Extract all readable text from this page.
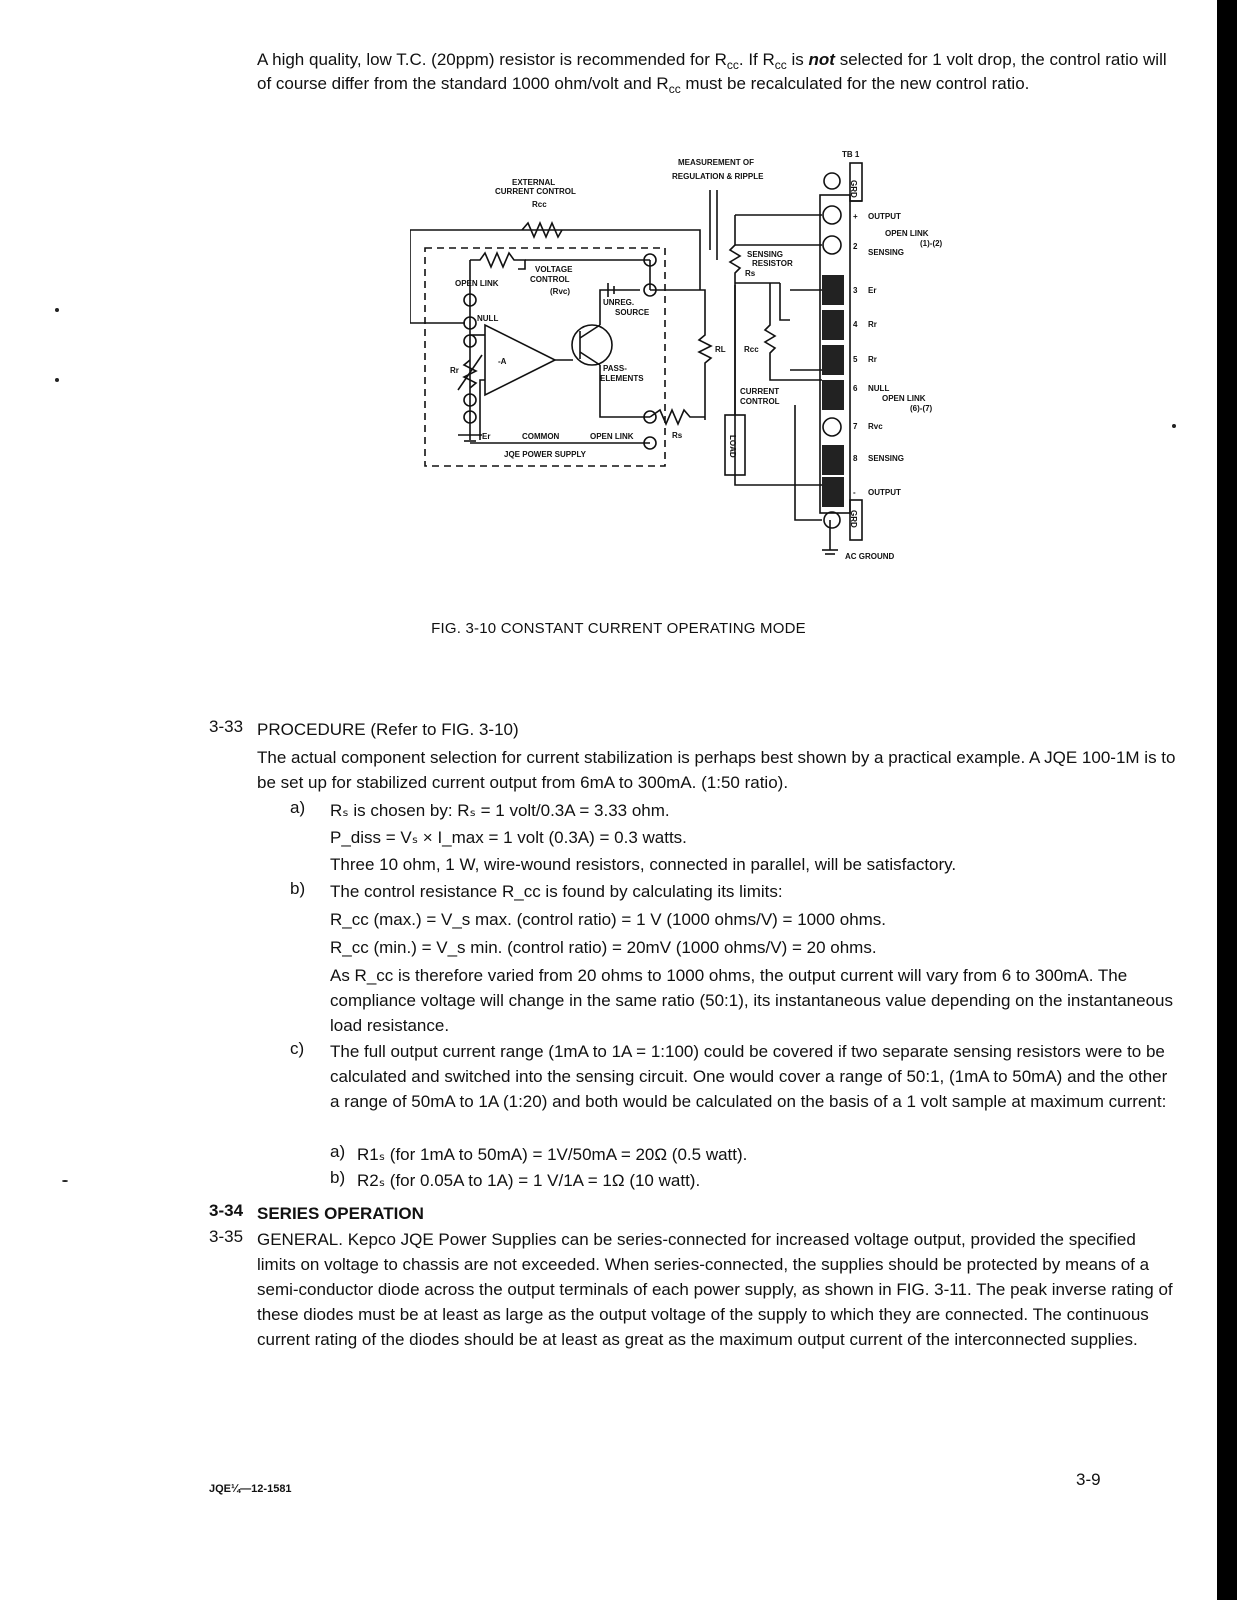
A high quality, low T.C. (20ppm) resistor is recommended for $R_{cc}$. If $R_{cc}$ is not selected for 1 volt drop, the control ratio will of course differ from the standard 1000 ohm/volt and $R_{cc}$ must be recalculated for the new control ratio.
EXTERNAL
CURRENT CONTROL
Rcc
MEASUREMENT OF
REGULATION & RIPPLE
TB 1
OUTPUT
OPEN LINK
(1)-(2)
SENSING
VOLTAGE
CONTROL
(Rvc)
OPEN LINK
NULL
-A
UNREG.
SOURCE
PASS-
ELEMENTS
Rr
Er	COMMON	OPEN LINK	Rs
JQE POWER SUPPLY
SENSING
RESISTOR
Rs
RL Rcc
CURRENT
CONTROL
LOAD
Er
Rr
Rr
NULL
OPEN LINK
(6)-(7)
Rvc
SENSING
OUTPUT
AC GROUND
GRD
GRD
+
2
3
4
5
6
7
8
-
FIG. 3-10 CONSTANT CURRENT OPERATING MODE
3-33 PROCEDURE (Refer to FIG. 3-10)
The actual component selection for current stabilization is perhaps best shown by a practical example. A JQE 100-1M is to be set up for stabilized current output from 6mA to 300mA. (1:50 ratio).
a) Rₛ is chosen by: Rₛ = 1 volt/0.3A = 3.33 ohm.
P_diss = Vₛ × I_max = 1 volt (0.3A) = 0.3 watts.
Three 10 ohm, 1 W, wire-wound resistors, connected in parallel, will be satisfactory.
b) The control resistance R_cc is found by calculating its limits:
R_cc (max.) = V_s max. (control ratio) = 1 V (1000 ohms/V) = 1000 ohms.
R_cc (min.) = V_s min. (control ratio) = 20mV (1000 ohms/V) = 20 ohms.
As R_cc is therefore varied from 20 ohms to 1000 ohms, the output current will vary from 6 to 300mA. The compliance voltage will change in the same ratio (50:1), its instantaneous value depending on the instantaneous load resistance.
c) The full output current range (1mA to 1A = 1:100) could be covered if two separate sensing resistors were to be calculated and switched into the sensing circuit. One would cover a range of 50:1, (1mA to 50mA) and the other a range of 50mA to 1A (1:20) and both would be calculated on the basis of a 1 volt sample at maximum current:
a) R1ₛ (for 1mA to 50mA) = 1V/50mA = 20Ω (0.5 watt).
b) R2ₛ (for 0.05A to 1A) = 1 V/1A = 1Ω (10 watt).
3-34 SERIES OPERATION
3-35 GENERAL. Kepco JQE Power Supplies can be series-connected for increased voltage output, provided the specified limits on voltage to chassis are not exceeded. When series-connected, the supplies should be protected by means of a semi-conductor diode across the output terminals of each power supply, as shown in FIG. 3-11. The peak inverse rating of these diodes must be at least as large as the output voltage of the supply to which they are connected. The continuous current rating of the diodes should be at least as great as the maximum output current of the interconnected supplies.
JQE¼—12-1581	3-9
